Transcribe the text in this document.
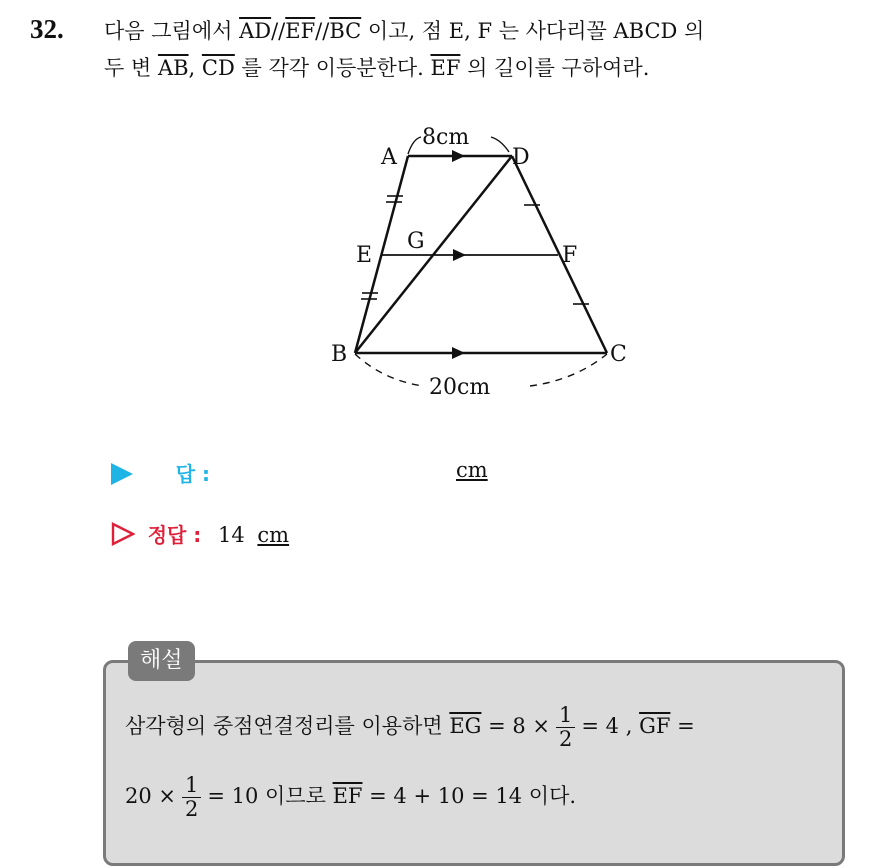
32. 다음 그림에서 $\overline{AD}//\overline{EF}//\overline{BC}$ 이고, 점 E, F 는 사다리꼴 ABCD 의
두 변 $\overline{AB}$, $\overline{CD}$ 를 각각 이등분한다. $\overline{EF}$ 의 길이를 구하여라.
A	D
B	C
E	F
G
8cm
20cm
답 :	cm
정답 : 14 cm
해설
삼각형의 중점연결정리를 이용하면 $\overline{EG} = 8 \times \frac{1}{2} = 4$ , $\overline{GF}$ =
$20 \times \frac{1}{2} = 10$ 이므로 $\overline{EF} = 4 + 10 = 14$ 이다.
